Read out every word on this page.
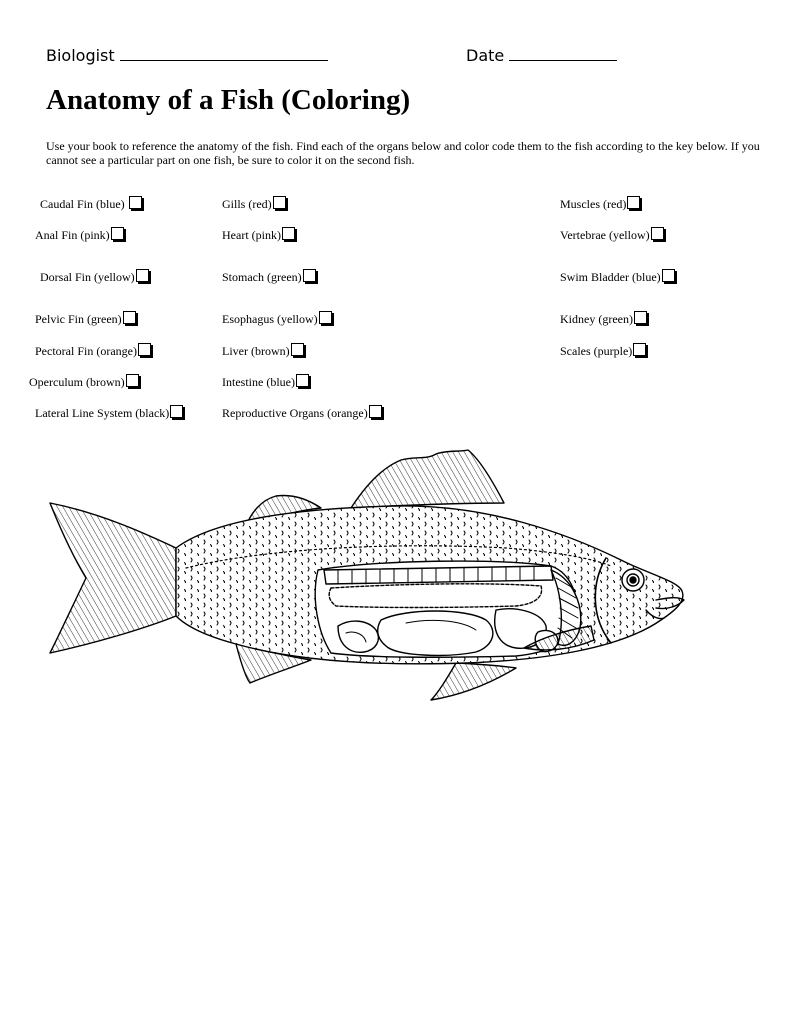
Biologist	Date
Anatomy of a Fish (Coloring)

Use your book to reference the anatomy of the fish. Find each of the organs below and color code them to the fish according to the key below. If you cannot see a particular part on one fish, be sure to color it on the second fish.

Caudal Fin (blue)
Anal Fin (pink)
Dorsal Fin (yellow)
Pelvic Fin (green)
Pectoral Fin (orange)
Operculum (brown)
Lateral Line System (black)
Gills (red)
Heart (pink)
Stomach (green)
Esophagus (yellow)
Liver (brown)
Intestine (blue)
Reproductive Organs (orange)
Muscles (red)
Vertebrae (yellow)
Swim Bladder (blue)
Kidney (green)
Scales (purple)
